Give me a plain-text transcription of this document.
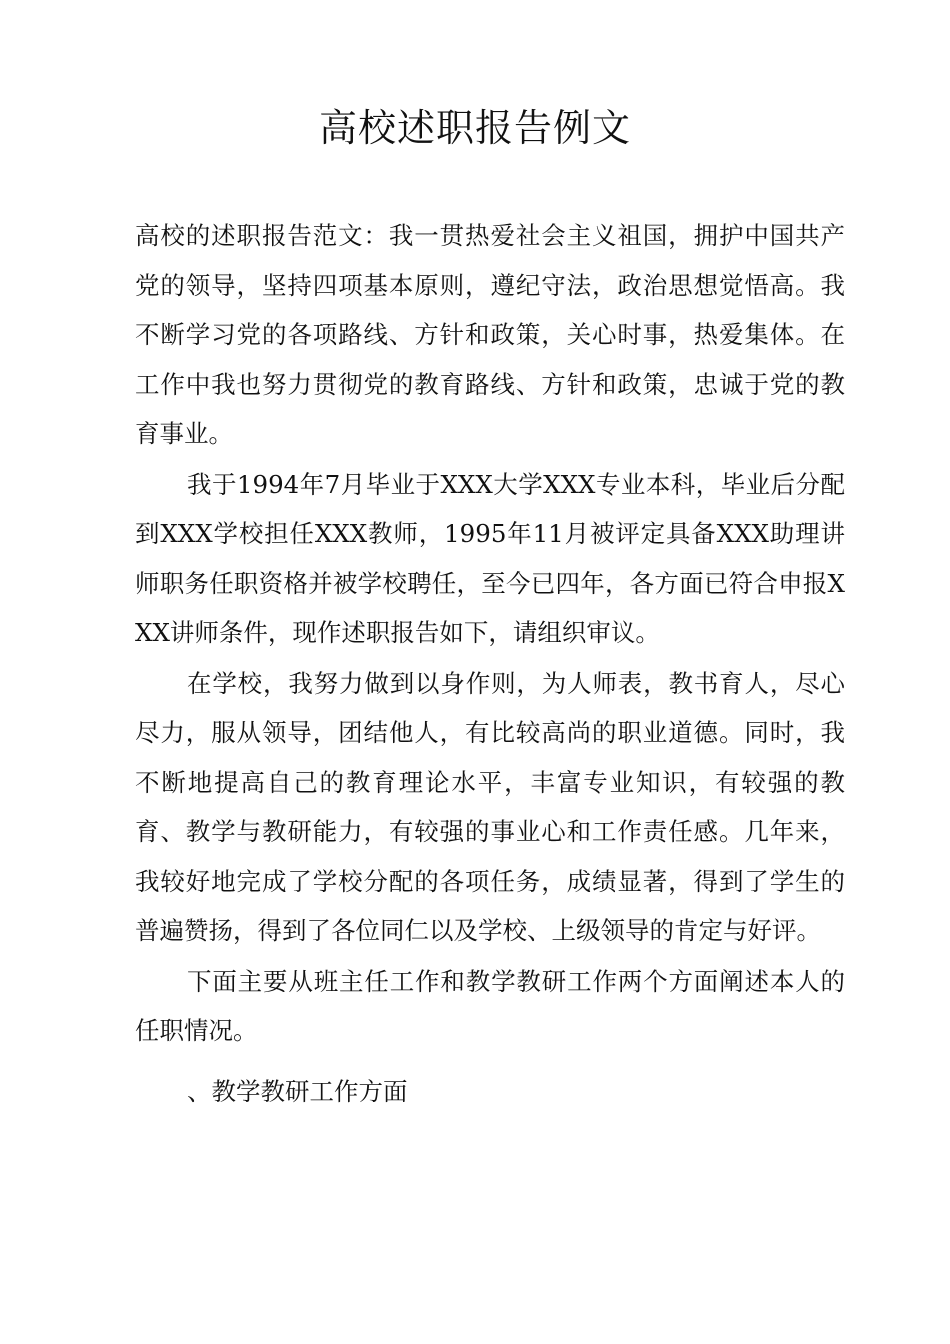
高校述职报告例文

高校的述职报告范文：我一贯热爱社会主义祖国，拥护中国共产党的领导，坚持四项基本原则，遵纪守法，政治思想觉悟高。我不断学习党的各项路线、方针和政策，关心时事，热爱集体。在工作中我也努力贯彻党的教育路线、方针和政策，忠诚于党的教育事业。

我于1994年7月毕业于XXX大学XXX专业本科，毕业后分配到XXX学校担任XXX教师，1995年11月被评定具备XXX助理讲师职务任职资格并被学校聘任，至今已四年，各方面已符合申报XXX讲师条件，现作述职报告如下，请组织审议。

在学校，我努力做到以身作则，为人师表，教书育人，尽心尽力，服从领导，团结他人，有比较高尚的职业道德。同时，我不断地提高自己的教育理论水平，丰富专业知识，有较强的教育、教学与教研能力，有较强的事业心和工作责任感。几年来，我较好地完成了学校分配的各项任务，成绩显著，得到了学生的普遍赞扬，得到了各位同仁以及学校、上级领导的肯定与好评。

下面主要从班主任工作和教学教研工作两个方面阐述本人的任职情况。

、教学教研工作方面
